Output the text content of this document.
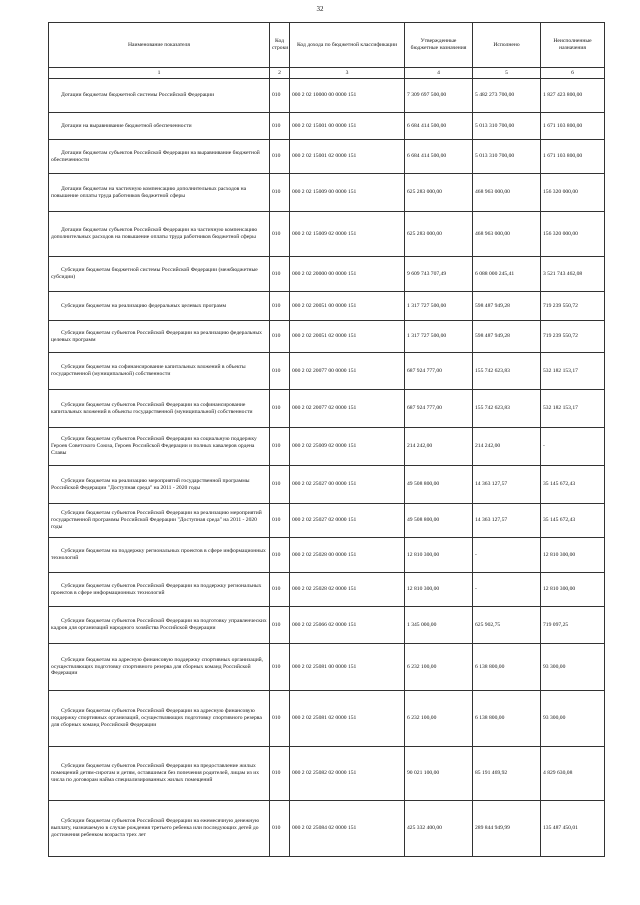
32
Наименование показателя	Код строки	Код дохода по бюджетной классификации	Утвержденные бюджетные назначения	Исполнено	Неисполненные назначения
1	2	3	4	5	6
Дотации бюджетам бюджетной системы Российской Федерации	010	000 2 02 10000 00 0000 151	7 309 697 500,00	5 482 273 700,00	1 827 423 800,00
Дотации на выравнивание бюджетной обеспеченности	010	000 2 02 15001 00 0000 151	6 684 414 500,00	5 013 310 700,00	1 671 103 800,00
Дотации бюджетам субъектов Российской Федерации на выравнивание бюджетной обеспеченности	010	000 2 02 15001 02 0000 151	6 684 414 500,00	5 013 310 700,00	1 671 103 800,00
Дотации бюджетам на частичную компенсацию дополнительных расходов на повышение оплаты труда работников бюджетной сферы	010	000 2 02 15009 00 0000 151	625 283 000,00	468 963 000,00	156 320 000,00
Дотации бюджетам субъектов Российской Федерации на частичную компенсацию дополнительных расходов на повышение оплаты труда работников бюджетной сферы	010	000 2 02 15009 02 0000 151	625 283 000,00	468 963 000,00	156 320 000,00
Субсидии бюджетам бюджетной системы Российской Федерации (межбюджетные субсидии)	010	000 2 02 20000 00 0000 151	9 609 743 707,49	6 088 000 245,41	3 521 743 462,08
Субсидии бюджетам на реализацию федеральных целевых программ	010	000 2 02 20051 00 0000 151	1 317 727 500,00	598 487 949,28	719 239 550,72
Субсидии бюджетам субъектов Российской Федерации на реализацию федеральных целевых программ	010	000 2 02 20051 02 0000 151	1 317 727 500,00	598 487 949,28	719 239 550,72
Субсидии бюджетам на софинансирование капитальных вложений в объекты государственной (муниципальной) собственности	010	000 2 02 20077 00 0000 151	687 924 777,00	155 742 623,83	532 182 153,17
Субсидии бюджетам субъектов Российской Федерации на софинансирование капитальных вложений в объекты государственной (муниципальной) собственности	010	000 2 02 20077 02 0000 151	687 924 777,00	155 742 623,83	532 182 153,17
Субсидии бюджетам субъектов Российской Федерации на социальную поддержку Героев Советского Союза, Героев Российской Федерации и полных кавалеров ордена Славы	010	000 2 02 25009 02 0000 151	214 242,00	214 242,00	-
Субсидии бюджетам на реализацию мероприятий государственной программы Российской Федерации "Доступная среда" на 2011 - 2020 годы	010	000 2 02 25027 00 0000 151	49 508 800,00	14 363 127,57	35 145 672,43
Субсидии бюджетам субъектов Российской Федерации на реализацию мероприятий государственной программы Российской Федерации "Доступная среда" на 2011 - 2020 годы	010	000 2 02 25027 02 0000 151	49 508 800,00	14 363 127,57	35 145 672,43
Субсидии бюджетам на поддержку региональных проектов в сфере информационных технологий	010	000 2 02 25028 00 0000 151	12 810 300,00	-	12 810 300,00
Субсидии бюджетам субъектов Российской Федерации на поддержку региональных проектов в сфере информационных технологий	010	000 2 02 25028 02 0000 151	12 810 300,00	-	12 810 300,00
Субсидии бюджетам субъектов Российской Федерации на подготовку управленческих кадров для организаций народного хозяйства Российской Федерации	010	000 2 02 25066 02 0000 151	1 345 000,00	625 902,75	719 097,25
Субсидии бюджетам на адресную финансовую поддержку спортивных организаций, осуществляющих подготовку спортивного резерва для сборных команд Российской Федерации	010	000 2 02 25081 00 0000 151	6 232 100,00	6 138 800,00	93 300,00
Субсидии бюджетам субъектов Российской Федерации на адресную финансовую поддержку спортивных организаций, осуществляющих подготовку спортивного резерва для сборных команд Российской Федерации	010	000 2 02 25081 02 0000 151	6 232 100,00	6 138 800,00	93 300,00
Субсидии бюджетам субъектов Российской Федерации на предоставление жилых помещений детям-сиротам и детям, оставшимся без попечения родителей, лицам из их числа по договорам найма специализированных жилых помещений	010	000 2 02 25082 02 0000 151	90 021 100,00	85 191 469,92	4 829 630,08
Субсидии бюджетам субъектов Российской Федерации на ежемесячную денежную выплату, назначаемую в случае рождения третьего ребенка или последующих детей до достижения ребенком возраста трех лет	010	000 2 02 25084 02 0000 151	425 332 400,00	289 844 949,99	135 487 450,01
